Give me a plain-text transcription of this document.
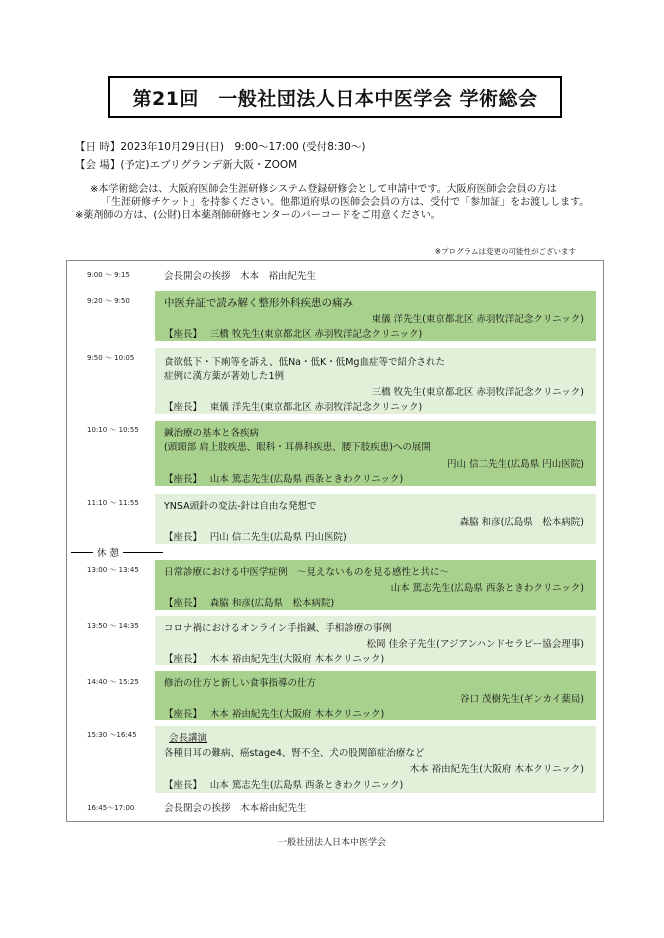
第21回　一般社団法人日本中医学会 学術総会
【日 時】2023年10月29日(日)　9:00～17:00 (受付8:30～)
【会 場】(予定)エブリグランデ新大阪・ZOOM
※本学術総会は、大阪府医師会生涯研修システム登録研修会として申請中です。大阪府医師会会員の方は
「生涯研修チケット」を持参ください。他都道府県の医師会会員の方は、受付で「参加証」をお渡しします。
※薬剤師の方は、(公財)日本薬剤師研修センターのバーコードをご用意ください。
※プログラムは変更の可能性がございます
9:00 ～ 9:15	会長開会の挨拶　木本　裕由紀先生
9:20 ～ 9:50	中医弁証で読み解く整形外科疾患の痛み
東儀 洋先生(東京都北区 赤羽牧洋記念クリニック)
【座長】　 三橋 牧先生(東京都北区 赤羽牧洋記念クリニック)
9:50 ～ 10:05	食欲低下・下痢等を訴え、低Na・低K・低Mg血症等で紹介された
症例に漢方薬が著効した1例
三橋 牧先生(東京都北区 赤羽牧洋記念クリニック)
【座長】　 東儀 洋先生(東京都北区 赤羽牧洋記念クリニック)
10:10 ～ 10:55	鍼治療の基本と各疾病
(頭頸部 肩上肢疾患、眼科・耳鼻科疾患、腰下肢疾患)への展開
円山 信二先生(広島県 円山医院)
【座長】　 山本 篤志先生(広島県 西条ときわクリニック)
11:10 ～ 11:55	YNSA頭針の変法-針は自由な発想で
森脇 和彦(広島県　松本病院)
【座長】　 円山 信二先生(広島県 円山医院)
休 憩
13:00 ～ 13:45	日常診療における中医学症例　～見えないものを見る感性と共に～
山本 篤志先生(広島県 西条ときわクリニック)
【座長】　 森脇 和彦(広島県　松本病院)
13:50 ～ 14:35	コロナ禍におけるオンライン手指鍼、手相診療の事例
松岡 佳余子先生(アジアンハンドセラピー協会理事)
【座長】　 木本 裕由紀先生(大阪府 木本クリニック)
14:40 ～ 15:25	修治の仕方と新しい食事指導の仕方
谷口 茂樹先生(ギンカイ薬局)
【座長】　 木本 裕由紀先生(大阪府 木本クリニック)
15:30 ～16:45	会長講演
各種目耳の難病、癌stage4、腎不全、犬の股関節症治療など
木本 裕由紀先生(大阪府 木本クリニック)
【座長】　 山本 篤志先生(広島県 西条ときわクリニック)
16:45～17:00	会長閉会の挨拶　木本裕由紀先生
一般社団法人日本中医学会
